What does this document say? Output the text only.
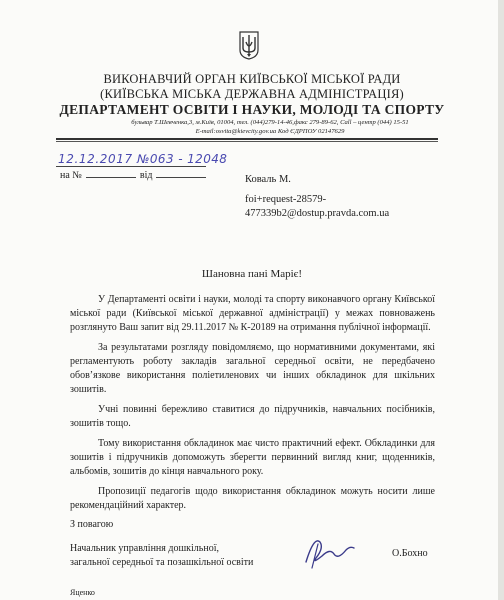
ВИКОНАВЧИЙ ОРГАН КИЇВСЬКОЇ МІСЬКОЇ РАДИ
(КИЇВСЬКА МІСЬКА ДЕРЖАВНА АДМІНІСТРАЦІЯ)
ДЕПАРТАМЕНТ ОСВІТИ І НАУКИ, МОЛОДІ ТА СПОРТУ
бульвар Т.Шевченка,3, м.Київ, 01004, тел. (044)279-14-46,факс 279-89-62, Call – центр (044) 15-51
E-mail:osvita@kievcity.gov.ua Код ЄДРПОУ 02147629
12.12.2017 №063 - 12048
на №	від	Коваль М.
foi+request-28579-
477339b2@dostup.pravda.com.ua
Шановна пані Маріє!

У Департаменті освіти і науки, молоді та спорту виконавчого органу Київської міської ради (Київської міської державної адміністрації) у межах повноважень розглянуто Ваш запит від 29.11.2017 № К-20189 на отримання публічної інформації.

За результатами розгляду повідомляємо, що нормативними документами, які регламентують роботу закладів загальної середньої освіти, не передбачено обов’язкове використання поліетиленових чи інших обкладинок для шкільних зошитів.

Учні повинні бережливо ставитися до підручників, навчальних посібників, зошитів тощо.

Тому використання обкладинок має чисто практичний ефект. Обкладинки для зошитів і підручників допоможуть зберегти первинний вигляд книг, щоденників, альбомів, зошитів до кінця навчального року.

Пропозиції педагогів щодо використання обкладинок можуть носити лише рекомендаційний характер.

З повагою
Начальник управління дошкільної,
загальної середньої та позашкільної освіти
О.Бохно
Яценко
